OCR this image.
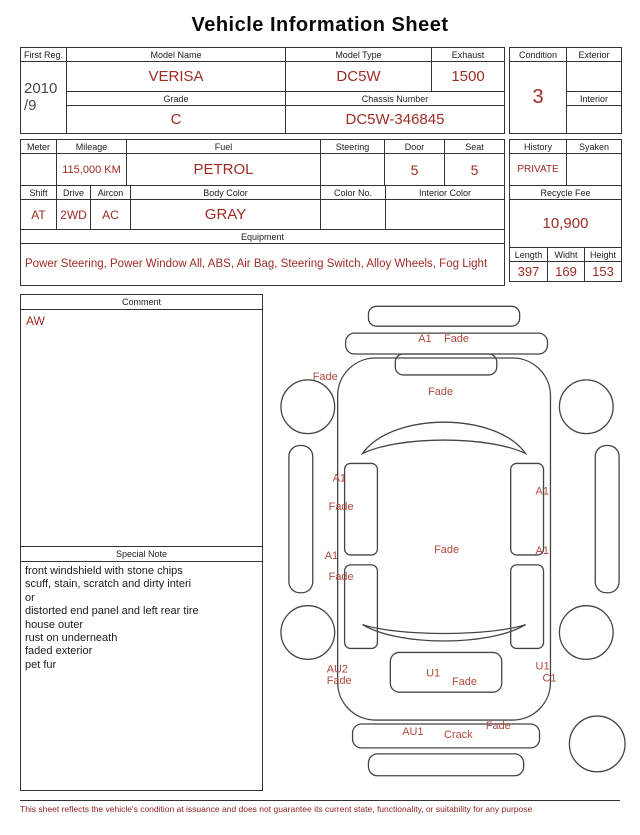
Vehicle Information Sheet
First Reg.	Model Name	Model Type	Exhaust

2010
/9	VERISA	DC5W	1500
	Grade	Chassis Number	
	C	DC5W-346845	
Condition	Exterior
3	
	Interior

Meter	Mileage	Fuel	Steering	Door	Seat
	115,000 KM	PETROL		5	5
Shift	Drive	Aircon	Body Color	Color No.	Interior Color
AT	2WD	AC	GRAY		
Equipment
Power Steering, Power Window All, ABS, Air Bag, Steering Switch, Alloy Wheels, Fog Light
History	Syaken
PRIVATE	
Recycle Fee
10,900
Length	Widht	Height
397	169	153
Comment
AW
Special Note
front windshield with stone chips
scuff, stain, scratch and dirty interi
or
distorted end panel and left rear tire
house outer
rust on underneath
faded exterior
pet fur
A1 Fade
Fade
Fade
A1
Fade
A1
A1
Fade
Fade	A1
AU2
Fade
U1
Fade
U1
C1
AU1 Crack
Fade
This sheet reflects the vehicle's condition at issuance and does not guarantee its current state, functionality, or suitability for any purpose
